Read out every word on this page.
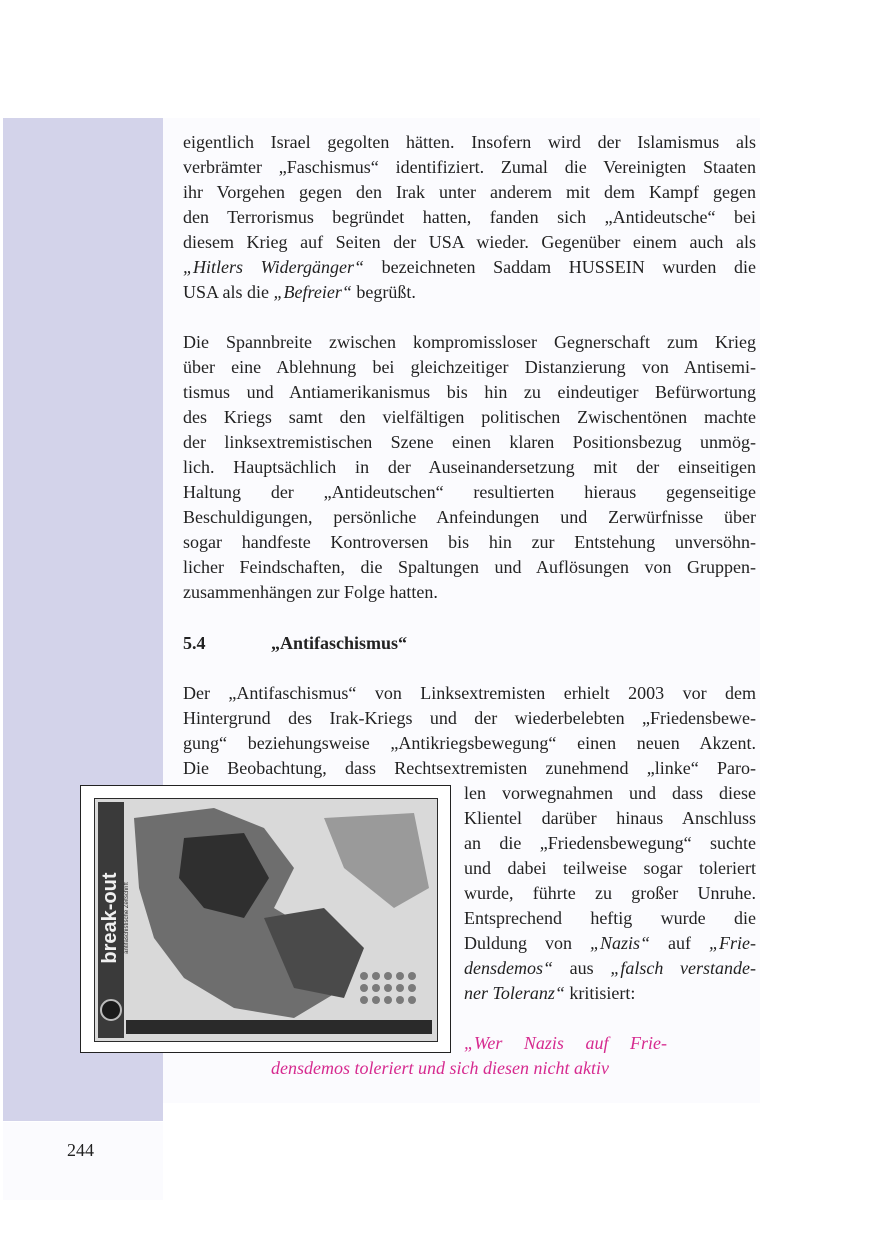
244

eigentlich Israel gegolten hätten. Insofern wird der Islamismus als

verbrämter „Faschismus“ identifiziert. Zumal die Vereinigten Staaten

ihr Vorgehen gegen den Irak unter anderem mit dem Kampf gegen

den Terrorismus begründet hatten, fanden sich „Antideutsche“ bei

diesem Krieg auf Seiten der USA wieder. Gegenüber einem auch als

„Hitlers Widergänger“ bezeichneten Saddam HUSSEIN wurden die

USA als die „Befreier“ begrüßt.

Die Spannbreite zwischen kompromissloser Gegnerschaft zum Krieg

über eine Ablehnung bei gleichzeitiger Distanzierung von Antisemi-

tismus und Antiamerikanismus bis hin zu eindeutiger Befürwortung

des Kriegs samt den vielfältigen politischen Zwischentönen machte

der linksextremistischen Szene einen klaren Positionsbezug unmög-

lich. Hauptsächlich in der Auseinandersetzung mit der einseitigen

Haltung der „Antideutschen“ resultierten hieraus gegenseitige

Beschuldigungen, persönliche Anfeindungen und Zerwürfnisse über

sogar handfeste Kontroversen bis hin zur Entstehung unversöhn-

licher Feindschaften, die Spaltungen und Auflösungen von Gruppen-

zusammenhängen zur Folge hatten.

5.4	„Antifaschismus“

Der „Antifaschismus“ von Linksextremisten erhielt 2003 vor dem

Hintergrund des Irak-Kriegs und der wiederbelebten „Friedensbewe-

gung“ beziehungsweise „Antikriegsbewegung“ einen neuen Akzent.

Die Beobachtung, dass Rechtsextremisten zunehmend „linke“ Paro-

len vorwegnahmen und dass diese

Klientel darüber hinaus Anschluss

an die „Friedensbewegung“ suchte

und dabei teilweise sogar toleriert

wurde, führte zu großer Unruhe.

Entsprechend heftig wurde die

Duldung von „Nazis“ auf „Frie-

densdemos“ aus „falsch verstande-

ner Toleranz“ kritisiert:

„Wer Nazis auf Frie-

densdemos toleriert und sich diesen nicht aktiv

break-out antifaschistische Zeitschrift
